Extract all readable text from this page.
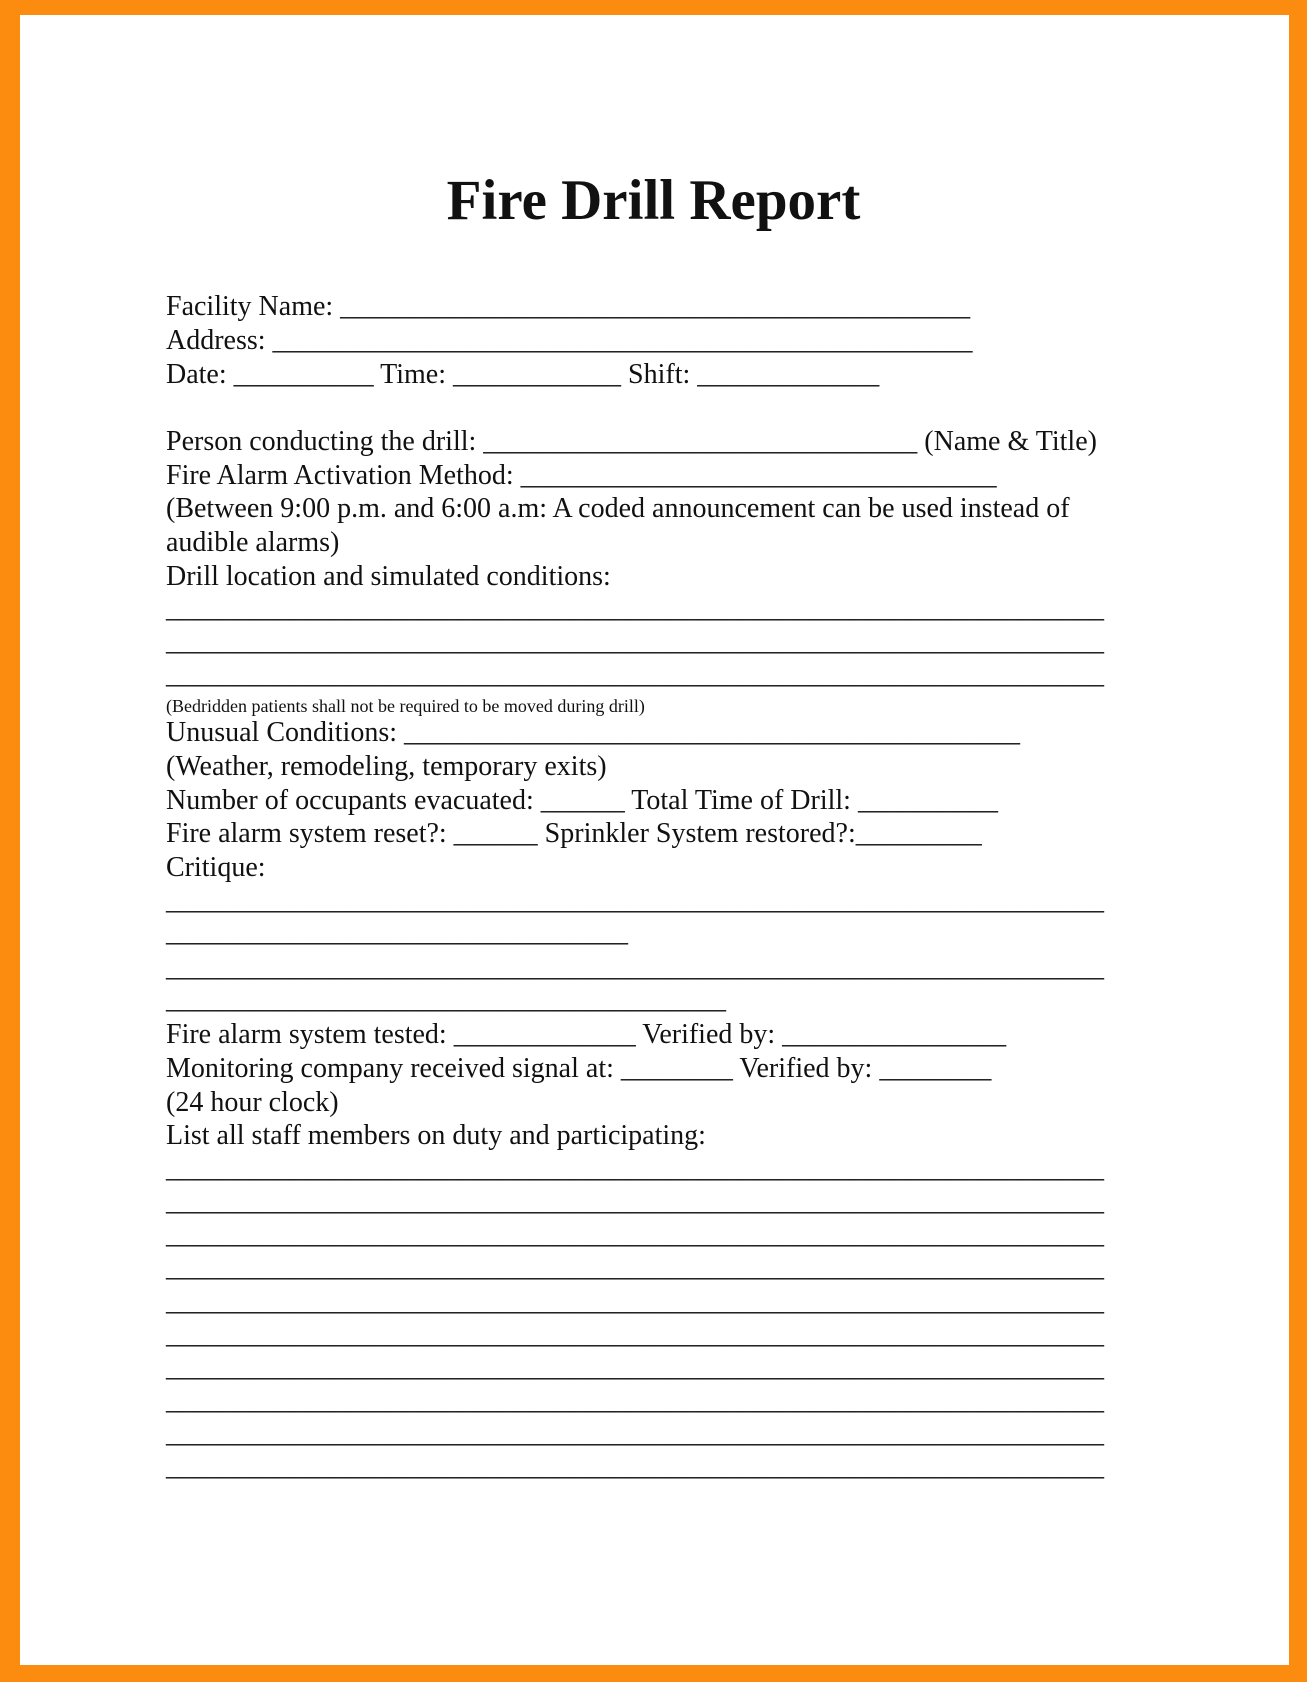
Fire Drill Report
Facility Name: _____________________________________________
Address: __________________________________________________
Date: __________ Time: ____________ Shift: _____________
Person conducting the drill: _______________________________ (Name & Title)
Fire Alarm Activation Method: __________________________________
(Between 9:00 p.m. and 6:00 a.m: A coded announcement can be used instead of
audible alarms)
Drill location and simulated conditions:
___________________________________________________________________
___________________________________________________________________
___________________________________________________________________
(Bedridden patients shall not be required to be moved during drill)
Unusual Conditions: ____________________________________________
(Weather, remodeling, temporary exits)
Number of occupants evacuated: ______ Total Time of Drill: __________
Fire alarm system reset?: ______ Sprinkler System restored?:_________
Critique:
___________________________________________________________________
_________________________________
___________________________________________________________________
________________________________________
Fire alarm system tested: _____________ Verified by: ________________
Monitoring company received signal at: ________ Verified by: ________
(24 hour clock)
List all staff members on duty and participating:
___________________________________________________________________
___________________________________________________________________
___________________________________________________________________
___________________________________________________________________
___________________________________________________________________
___________________________________________________________________
___________________________________________________________________
___________________________________________________________________
___________________________________________________________________
___________________________________________________________________
